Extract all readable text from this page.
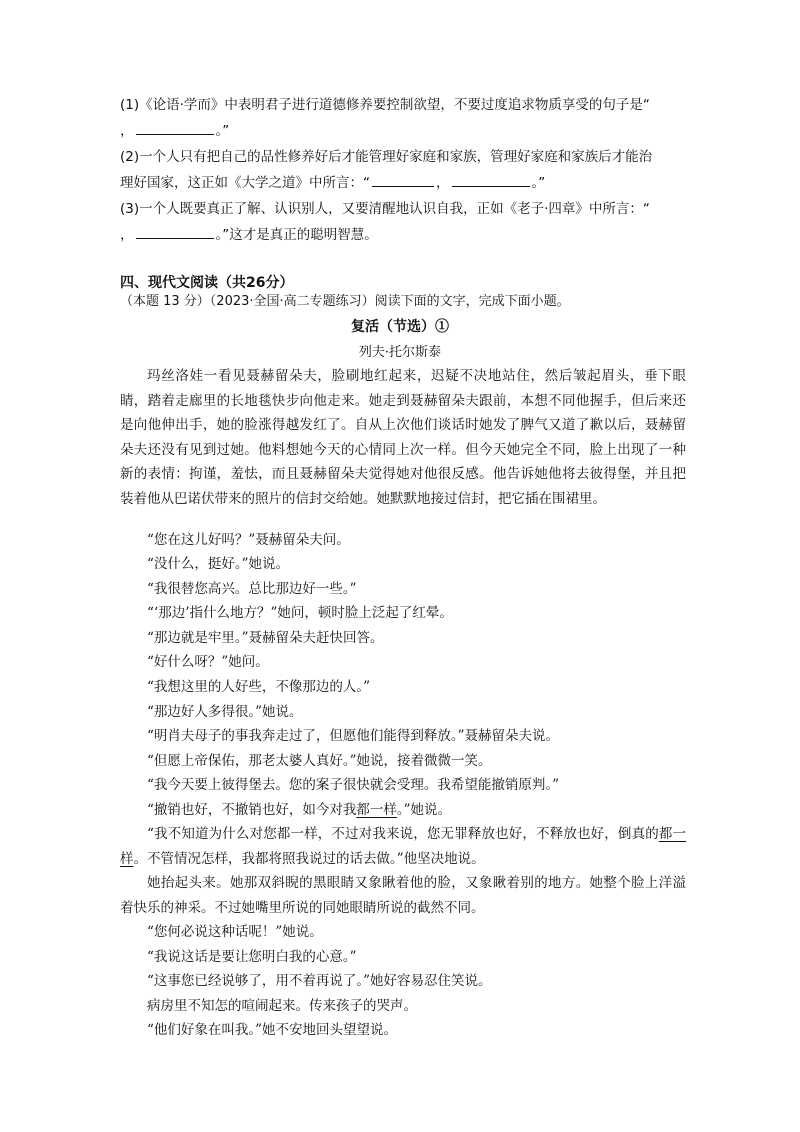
(1)《论语·学而》中表明君子进行道德修养要控制欲望，不要过度追求物质享受的句子是“
，	。”
(2)一个人只有把自己的品性修养好后才能管理好家庭和家族，管理好家庭和家族后才能治
理好国家，这正如《大学之道》中所言：“	，	。”
(3)一个人既要真正了解、认识别人，又要清醒地认识自我，正如《老子·四章》中所言：“
，	。”这才是真正的聪明智慧。
四、现代文阅读（共26分）
（本题 13 分）（2023·全国·高二专题练习）阅读下面的文字，完成下面小题。
复活（节选）①
列夫·托尔斯泰

玛丝洛娃一看见聂赫留朵夫，脸刷地红起来，迟疑不决地站住，然后皱起眉头，垂下眼睛，踏着走廊里的长地毯快步向他走来。她走到聂赫留朵夫跟前，本想不同他握手，但后来还是向他伸出手，她的脸涨得越发红了。自从上次他们谈话时她发了脾气又道了歉以后，聂赫留朵夫还没有见到过她。他料想她今天的心情同上次一样。但今天她完全不同，脸上出现了一种新的表情：拘谨，羞怯，而且聂赫留朵夫觉得她对他很反感。他告诉她他将去彼得堡，并且把装着他从巴诺伏带来的照片的信封交给她。她默默地接过信封，把它插在围裙里。

“您在这儿好吗？”聂赫留朵夫问。

“没什么，挺好。”她说。

“我很替您高兴。总比那边好一些。”

“‘那边’指什么地方？”她问，顿时脸上泛起了红晕。

“那边就是牢里。”聂赫留朵夫赶快回答。

“好什么呀？”她问。

“我想这里的人好些，不像那边的人。”

“那边好人多得很。”她说。

“明肖夫母子的事我奔走过了，但愿他们能得到释放。”聂赫留朵夫说。

“但愿上帝保佑，那老太婆人真好。”她说，接着微微一笑。

“我今天要上彼得堡去。您的案子很快就会受理。我希望能撤销原判。”

“撤销也好，不撤销也好，如今对我都一样。”她说。

“我不知道为什么对您都一样，不过对我来说，您无罪释放也好，不释放也好，倒真的都一样。不管情况怎样，我都将照我说过的话去做。”他坚决地说。

她抬起头来。她那双斜睨的黑眼睛又象瞅着他的脸，又象瞅着别的地方。她整个脸上洋溢着快乐的神采。不过她嘴里所说的同她眼睛所说的截然不同。

“您何必说这种话呢！”她说。

“我说这话是要让您明白我的心意。”

“这事您已经说够了，用不着再说了。”她好容易忍住笑说。

病房里不知怎的喧闹起来。传来孩子的哭声。

“他们好象在叫我。”她不安地回头望望说。
